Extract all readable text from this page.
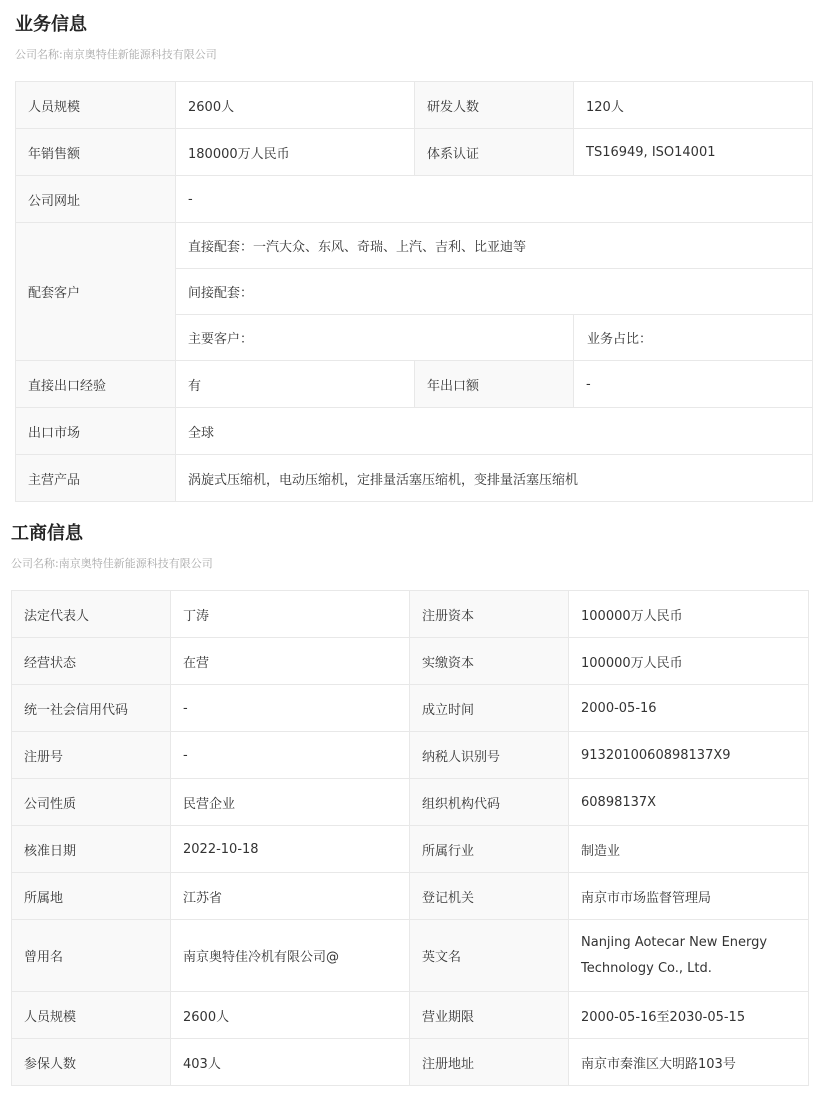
业务信息
公司名称:南京奥特佳新能源科技有限公司
人员规模	2600人	研发人数	120人
年销售额	180000万人民币	体系认证	TS16949, ISO14001
公司网址	-		
配套客户	直接配套：一汽大众、东风、奇瑞、上汽、吉利、比亚迪等		
	间接配套：		
	主要客户：		业务占比：
直接出口经验	有	年出口额	-
出口市场	全球		
主营产品	涡旋式压缩机，电动压缩机，定排量活塞压缩机，变排量活塞压缩机		
工商信息
公司名称:南京奥特佳新能源科技有限公司
法定代表人	丁涛	注册资本	100000万人民币
经营状态	在营	实缴资本	100000万人民币
统一社会信用代码	-	成立时间	2000-05-16
注册号	-	纳税人识别号	9132010060898137X9
公司性质	民营企业	组织机构代码	60898137X
核准日期	2022-10-18	所属行业	制造业
所属地	江苏省	登记机关	南京市市场监督管理局
曾用名	南京奥特佳冷机有限公司@	英文名	Nanjing Aotecar New Energy Technology Co., Ltd.
人员规模	2600人	营业期限	2000-05-16至2030-05-15
参保人数	403人	注册地址	南京市秦淮区大明路103号
